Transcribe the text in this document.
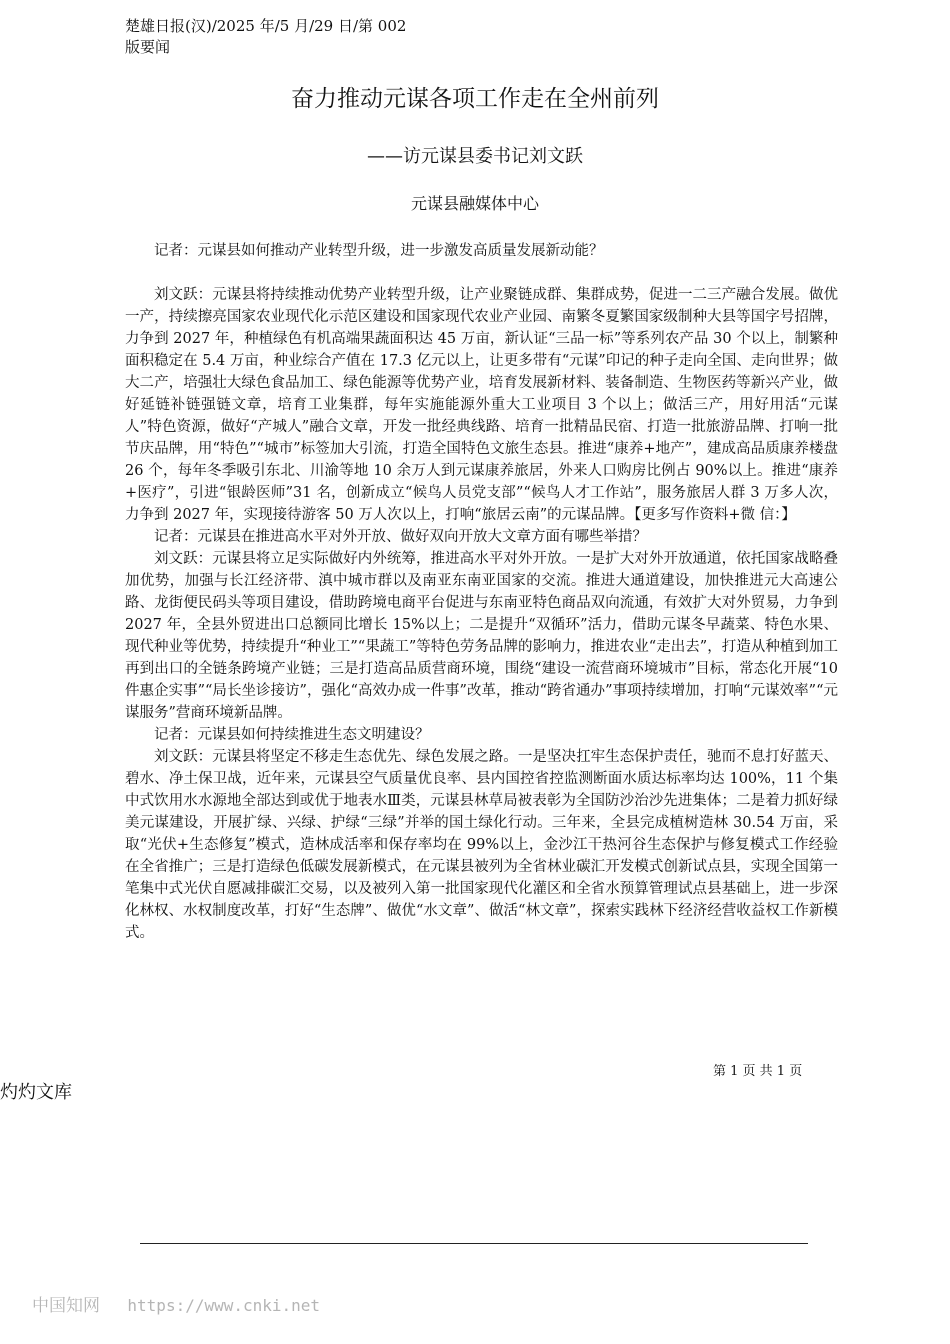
楚雄日报(汉)/2025 年/5 月/29 日/第 002
版要闻
奋力推动元谋各项工作走在全州前列
——访元谋县委书记刘文跃
元谋县融媒体中心

记者：元谋县如何推动产业转型升级，进一步激发高质量发展新动能？

刘文跃：元谋县将持续推动优势产业转型升级，让产业聚链成群、集群成势，促进一二三产融合发展。做优一产，持续擦亮国家农业现代化示范区建设和国家现代农业产业园、南繁冬夏繁国家级制种大县等国字号招牌，力争到 2027 年，种植绿色有机高端果蔬面积达 45 万亩，新认证“三品一标”等系列农产品 30 个以上，制繁种面积稳定在 5.4 万亩，种业综合产值在 17.3 亿元以上，让更多带有“元谋”印记的种子走向全国、走向世界；做大二产，培强壮大绿色食品加工、绿色能源等优势产业，培育发展新材料、装备制造、生物医药等新兴产业，做好延链补链强链文章，培育工业集群，每年实施能源外重大工业项目 3 个以上；做活三产，用好用活“元谋人”特色资源，做好“产城人”融合文章，开发一批经典线路、培育一批精品民宿、打造一批旅游品牌、打响一批节庆品牌，用“特色”“城市”标签加大引流，打造全国特色文旅生态县。推进“康养+地产”，建成高品质康养楼盘 26 个，每年冬季吸引东北、川渝等地 10 余万人到元谋康养旅居，外来人口购房比例占 90%以上。推进“康养+医疗”，引进“银龄医师”31 名，创新成立“候鸟人员党支部”“候鸟人才工作站”，服务旅居人群 3 万多人次，力争到 2027 年，实现接待游客 50 万人次以上，打响“旅居云南”的元谋品牌。【更多写作资料+微 信：】

记者：元谋县在推进高水平对外开放、做好双向开放大文章方面有哪些举措？

刘文跃：元谋县将立足实际做好内外统筹，推进高水平对外开放。一是扩大对外开放通道，依托国家战略叠加优势，加强与长江经济带、滇中城市群以及南亚东南亚国家的交流。推进大通道建设，加快推进元大高速公路、龙街便民码头等项目建设，借助跨境电商平台促进与东南亚特色商品双向流通，有效扩大对外贸易，力争到 2027 年，全县外贸进出口总额同比增长 15%以上；二是提升“双循环”活力，借助元谋冬早蔬菜、特色水果、现代种业等优势，持续提升“种业工”“果蔬工”等特色劳务品牌的影响力，推进农业“走出去”，打造从种植到加工再到出口的全链条跨境产业链；三是打造高品质营商环境，围绕“建设一流营商环境城市”目标，常态化开展“10 件惠企实事”“局长坐诊接访”，强化“高效办成一件事”改革，推动“跨省通办”事项持续增加，打响“元谋效率”“元谋服务”营商环境新品牌。

记者：元谋县如何持续推进生态文明建设？

刘文跃：元谋县将坚定不移走生态优先、绿色发展之路。一是坚决扛牢生态保护责任，驰而不息打好蓝天、碧水、净土保卫战，近年来，元谋县空气质量优良率、县内国控省控监测断面水质达标率均达 100%，11 个集中式饮用水水源地全部达到或优于地表水Ⅲ类，元谋县林草局被表彰为全国防沙治沙先进集体；二是着力抓好绿美元谋建设，开展扩绿、兴绿、护绿“三绿”并举的国土绿化行动。三年来，全县完成植树造林 30.54 万亩，采取“光伏+生态修复”模式，造林成活率和保存率均在 99%以上，金沙江干热河谷生态保护与修复模式工作经验在全省推广；三是打造绿色低碳发展新模式，在元谋县被列为全省林业碳汇开发模式创新试点县，实现全国第一笔集中式光伏自愿减排碳汇交易，以及被列入第一批国家现代化灌区和全省水预算管理试点县基础上，进一步深化林权、水权制度改革，打好“生态牌”、做优“水文章”、做活“林文章”，探索实践林下经济经营收益权工作新模式。

第 1 页 共 1 页
灼灼文库
中国知网 https://www.cnki.net
